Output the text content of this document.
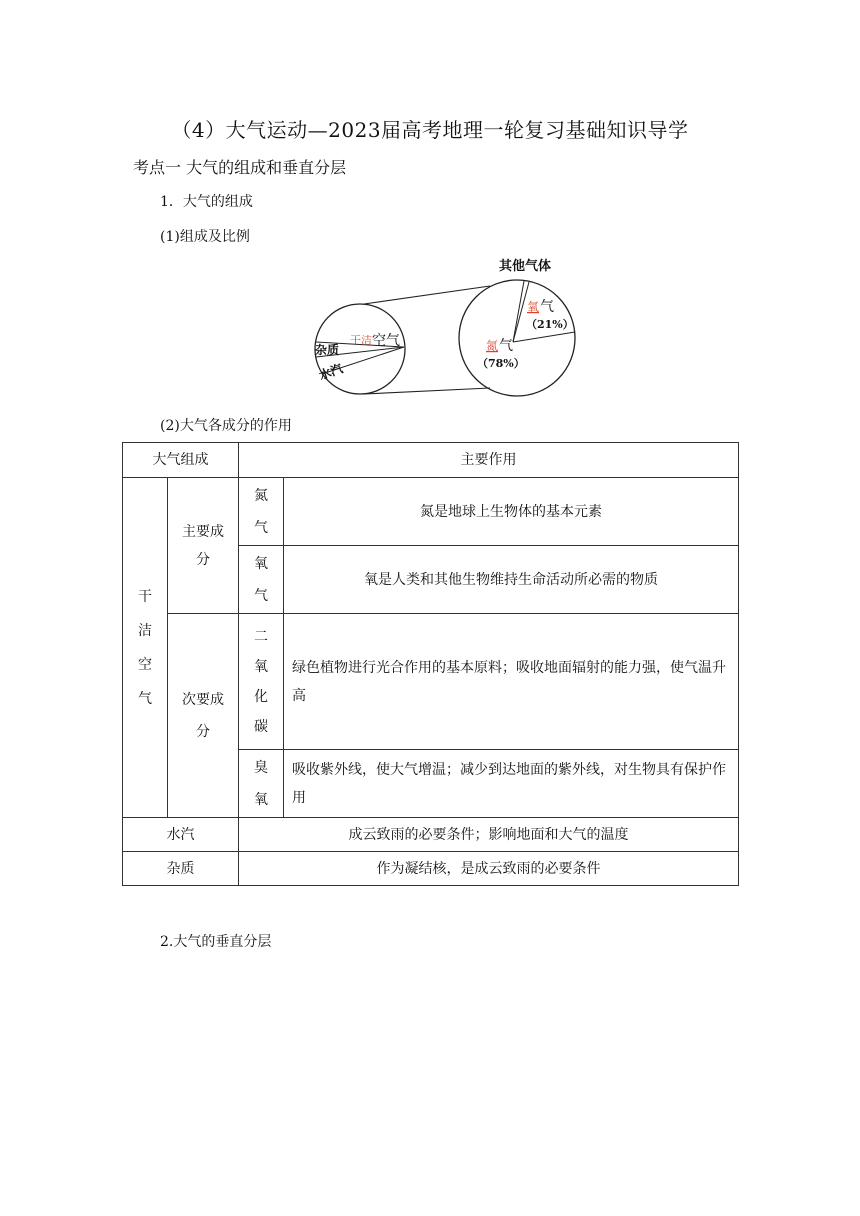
（4）大气运动—2023届高考地理一轮复习基础知识导学
考点一 大气的组成和垂直分层
1．大气的组成
(1)组成及比例
干洁 空气
杂质
水汽
其他气体
氧 气
（21%）
氮 气
（78%）
(2)大气各成分的作用
大气组成		主要作用	
干洁空气	主要成分	氮气	氮是地球上生物体的基本元素
		氧气	氧是人类和其他生物维持生命活动所必需的物质
	次要成分	二氧化碳	绿色植物进行光合作用的基本原料；吸收地面辐射的能力强，使气温升高
		臭氧	吸收紫外线，使大气增温；减少到达地面的紫外线，对生物具有保护作用
水汽		成云致雨的必要条件；影响地面和大气的温度	
杂质		作为凝结核，是成云致雨的必要条件	
2.大气的垂直分层
